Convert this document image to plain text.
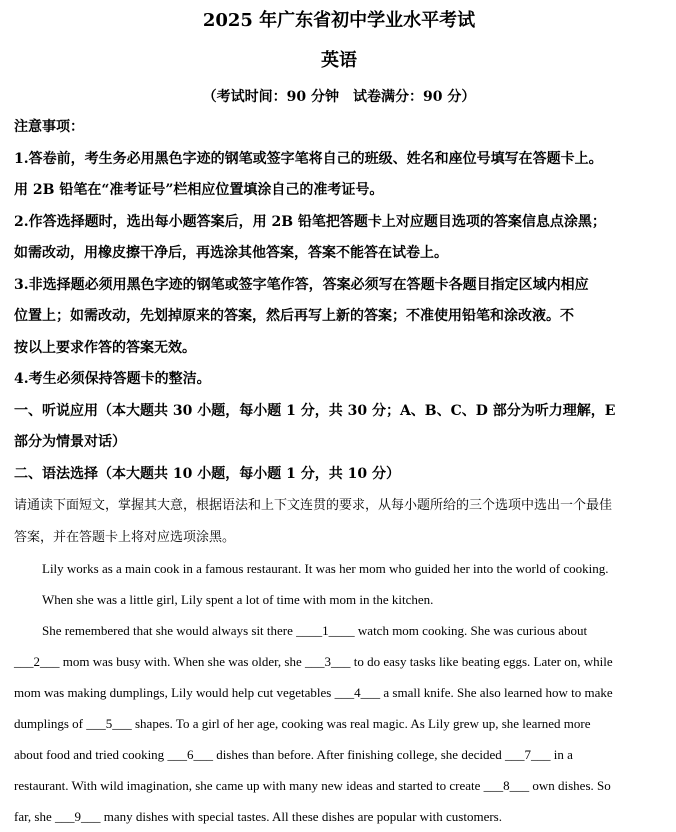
2025 年广东省初中学业水平考试
英语
（考试时间：90 分钟　试卷满分：90 分）
注意事项：
1.答卷前，考生务必用黑色字迹的钢笔或签字笔将自己的班级、姓名和座位号填写在答题卡上。
用 2B 铅笔在“准考证号”栏相应位置填涂自己的准考证号。
2.作答选择题时，选出每小题答案后，用 2B 铅笔把答题卡上对应题目选项的答案信息点涂黑；
如需改动，用橡皮擦干净后，再选涂其他答案，答案不能答在试卷上。
3.非选择题必须用黑色字迹的钢笔或签字笔作答，答案必须写在答题卡各题目指定区域内相应
位置上；如需改动，先划掉原来的答案，然后再写上新的答案；不准使用铅笔和涂改液。不
按以上要求作答的答案无效。
4.考生必须保持答题卡的整洁。
一、听说应用（本大题共 30 小题，每小题 1 分，共 30 分；A、B、C、D 部分为听力理解，E
部分为情景对话）
二、语法选择（本大题共 10 小题，每小题 1 分，共 10 分）
请通读下面短文，掌握其大意，根据语法和上下文连贯的要求，从每小题所给的三个选项中选出一个最佳
答案，并在答题卡上将对应选项涂黑。

Lily works as a main cook in a famous restaurant. It was her mom who guided her into the world of cooking.

When she was a little girl, Lily spent a lot of time with mom in the kitchen.

She remembered that she would always sit there ____1____ watch mom cooking. She was curious about

___2___ mom was busy with. When she was older, she ___3___ to do easy tasks like beating eggs. Later on, while

mom was making dumplings, Lily would help cut vegetables ___4___ a small knife. She also learned how to make

dumplings of ___5___ shapes. To a girl of her age, cooking was real magic. As Lily grew up, she learned more

about food and tried cooking ___6___ dishes than before. After finishing college, she decided ___7___ in a

restaurant. With wild imagination, she came up with many new ideas and started to create ___8___ own dishes. So

far, she ___9___ many dishes with special tastes. All these dishes are popular with customers.
